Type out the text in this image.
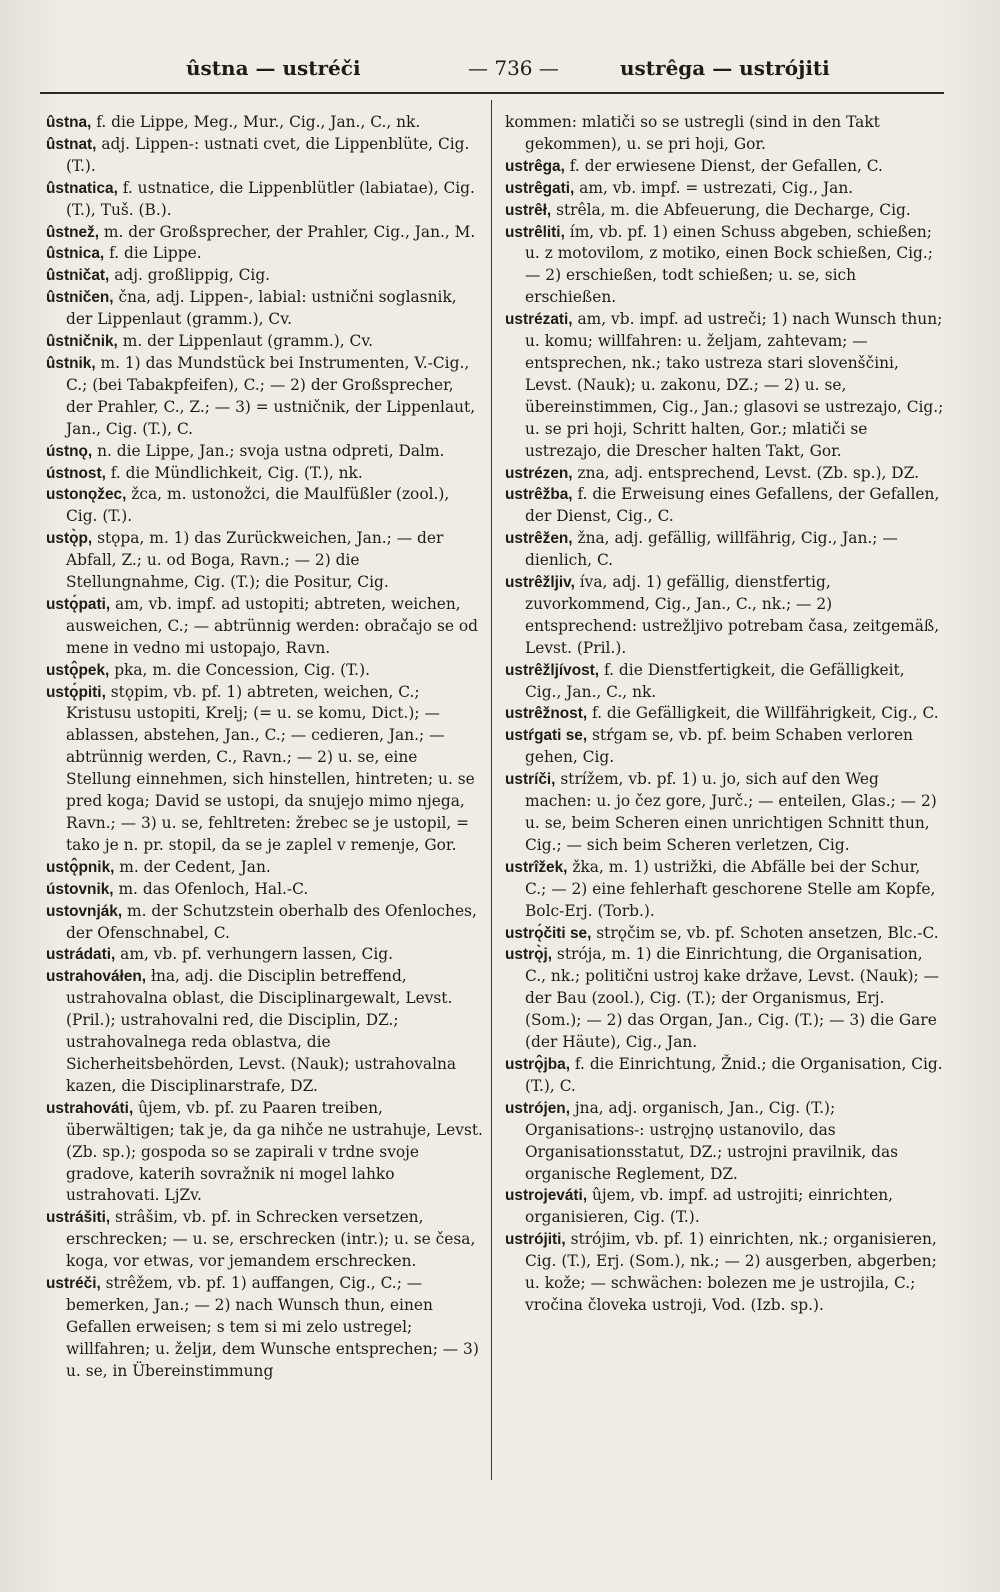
ûstna — ustréči	— 736 —	ustrêga — ustrójiti

ûstna, f. die Lippe, Meg., Mur., Cig., Jan., C., nk.

ûstnat, adj. Lippen-: ustnati cvet, die Lippenblüte, Cig. (T.).

ûstnatica, f. ustnatice, die Lippenblütler (labiatae), Cig. (T.), Tuš. (B.).

ûstnež, m. der Großsprecher, der Prahler, Cig., Jan., M.

ûstnica, f. die Lippe.

ûstničat, adj. großlippig, Cig.

ûstničen, čna, adj. Lippen-, labial: ustnični soglasnik, der Lippenlaut (gramm.), Cv.

ûstničnik, m. der Lippenlaut (gramm.), Cv.

ûstnik, m. 1) das Mundstück bei Instrumenten, V.-Cig., C.; (bei Tabakpfeifen), C.; — 2) der Großsprecher, der Prahler, C., Z.; — 3) = ustničnik, der Lippenlaut, Jan., Cig. (T.), C.

ústnǫ, n. die Lippe, Jan.; svoja ustna odpreti, Dalm.

ústnost, f. die Mündlichkeit, Cig. (T.), nk.

ustonǫžec, žca, m. ustonožci, die Maulfüßler (zool.), Cig. (T.).

ustǫ̀p, stǫpa, m. 1) das Zurückweichen, Jan.; — der Abfall, Z.; u. od Boga, Ravn.; — 2) die Stellungnahme, Cig. (T.); die Positur, Cig.

ustǫ́pati, am, vb. impf. ad ustopiti; abtreten, weichen, ausweichen, C.; — abtrünnig werden: obračajo se od mene in vedno mi ustopajo, Ravn.

ustǫ̂pek, pka, m. die Concession, Cig. (T.).

ustǫ́piti, stǫpim, vb. pf. 1) abtreten, weichen, C.; Kristusu ustopiti, Krelj; (= u. se komu, Dict.); — ablassen, abstehen, Jan., C.; — cedieren, Jan.; — abtrünnig werden, C., Ravn.; — 2) u. se, eine Stellung einnehmen, sich hinstellen, hintreten; u. se pred koga; David se ustopi, da snujejo mimo njega, Ravn.; — 3) u. se, fehltreten: žrebec se je ustopil, = tako je n. pr. stopil, da se je zaplel v remenje, Gor.

ustǫ̂pnik, m. der Cedent, Jan.

ústovnik, m. das Ofenloch, Hal.-C.

ustovnják, m. der Schutzstein oberhalb des Ofenloches, der Ofenschnabel, C.

ustrádati, am, vb. pf. verhungern lassen, Cig.

ustrahováłen, łna, adj. die Disciplin betreffend, ustrahovalna oblast, die Disciplinargewalt, Levst. (Pril.); ustrahovalni red, die Disciplin, DZ.; ustrahovalnega reda oblastva, die Sicherheitsbehörden, Levst. (Nauk); ustrahovalna kazen, die Disciplinarstrafe, DZ.

ustrahováti, ûjem, vb. pf. zu Paaren treiben, überwältigen; tak je, da ga nihče ne ustrahuje, Levst. (Zb. sp.); gospoda so se zapirali v trdne svoje gradove, katerih sovražnik ni mogel lahko ustrahovati. LjZv.

ustrášiti, strâšim, vb. pf. in Schrecken versetzen, erschrecken; — u. se, erschrecken (intr.); u. se česa, koga, vor etwas, vor jemandem erschrecken.

ustréči, strêžem, vb. pf. 1) auffangen, Cig., C.; — bemerken, Jan.; — 2) nach Wunsch thun, einen Gefallen erweisen; s tem si mi zelo ustregel; willfahren; u. željи, dem Wunsche entsprechen; — 3) u. se, in Übereinstimmung

kommen: mlatiči so se ustregli (sind in den Takt gekommen), u. se pri hoji, Gor.

ustrêga, f. der erwiesene Dienst, der Gefallen, C.

ustrêgati, am, vb. impf. = ustrezati, Cig., Jan.

ustrêł, strêla, m. die Abfeuerung, die Decharge, Cig.

ustrêliti, ím, vb. pf. 1) einen Schuss abgeben, schießen; u. z motovilom, z motiko, einen Bock schießen, Cig.; — 2) erschießen, todt schießen; u. se, sich erschießen.

ustrézati, am, vb. impf. ad ustreči; 1) nach Wunsch thun; u. komu; willfahren: u. željam, zahtevam; — entsprechen, nk.; tako ustreza stari slovenščini, Levst. (Nauk); u. zakonu, DZ.; — 2) u. se, übereinstimmen, Cig., Jan.; glasovi se ustrezajo, Cig.; u. se pri hoji, Schritt halten, Gor.; mlatiči se ustrezajo, die Drescher halten Takt, Gor.

ustrézen, zna, adj. entsprechend, Levst. (Zb. sp.), DZ.

ustrêžba, f. die Erweisung eines Gefallens, der Gefallen, der Dienst, Cig., C.

ustrêžen, žna, adj. gefällig, willfährig, Cig., Jan.; — dienlich, C.

ustrêžljiv, íva, adj. 1) gefällig, dienstfertig, zuvorkommend, Cig., Jan., C., nk.; — 2) entsprechend: ustrežljivo potrebam časa, zeitgemäß, Levst. (Pril.).

ustrêžljívost, f. die Dienstfertigkeit, die Gefälligkeit, Cig., Jan., C., nk.

ustrêžnost, f. die Gefälligkeit, die Willfährigkeit, Cig., C.

ustŕgati se, stŕgam se, vb. pf. beim Schaben verloren gehen, Cig.

ustríči, strížem, vb. pf. 1) u. jo, sich auf den Weg machen: u. jo čez gore, Jurč.; — enteilen, Glas.; — 2) u. se, beim Scheren einen unrichtigen Schnitt thun, Cig.; — sich beim Scheren verletzen, Cig.

ustrîžek, žka, m. 1) ustrižki, die Abfälle bei der Schur, C.; — 2) eine fehlerhaft geschorene Stelle am Kopfe, Bolc-Erj. (Torb.).

ustrǫ́čiti se, strǫčim se, vb. pf. Schoten ansetzen, Blc.-C.

ustrǫ̀j, strója, m. 1) die Einrichtung, die Organisation, C., nk.; politični ustroj kake države, Levst. (Nauk); — der Bau (zool.), Cig. (T.); der Organismus, Erj. (Som.); — 2) das Organ, Jan., Cig. (T.); — 3) die Gare (der Häute), Cig., Jan.

ustrǫ̂jba, f. die Einrichtung, Žnid.; die Organisation, Cig. (T.), C.

ustrójen, jna, adj. organisch, Jan., Cig. (T.); Organisations-: ustrǫjnǫ ustanovilo, das Organisationsstatut, DZ.; ustrojni pravilnik, das organische Reglement, DZ.

ustrojeváti, ûjem, vb. impf. ad ustrojiti; einrichten, organisieren, Cig. (T.).

ustrójiti, strójim, vb. pf. 1) einrichten, nk.; organisieren, Cig. (T.), Erj. (Som.), nk.; — 2) ausgerben, abgerben; u. kože; — schwächen: bolezen me je ustrojila, C.; vročina človeka ustroji, Vod. (Izb. sp.).
